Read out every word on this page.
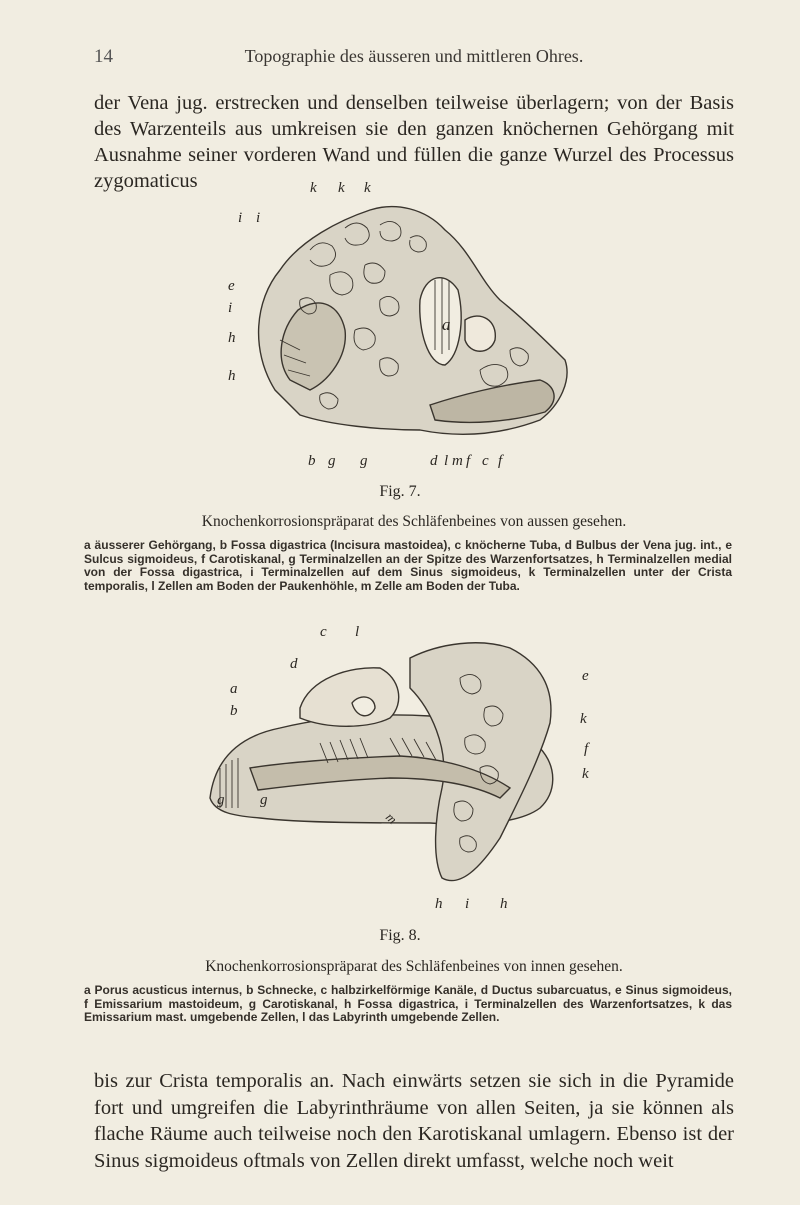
14	Topographie des äusseren und mittleren Ohres.

der Vena jug. erstrecken und denselben teilweise überlagern; von der Basis des Warzenteils aus umkreisen sie den ganzen knöchernen Gehörgang mit Ausnahme seiner vorderen Wand und füllen die ganze Wurzel des Processus zygomaticus	k k k
i i
e
i
h
h
a
b g g	d l m f c f
Fig. 7.
Knochenkorrosionspräparat des Schläfenbeines von aussen gesehen.
a äusserer Gehörgang, b Fossa digastrica (Incisura mastoidea), c knöcherne Tuba, d Bulbus der Vena jug. int., e Sulcus sigmoideus, f Carotiskanal, g Terminalzellen an der Spitze des Warzenfortsatzes, h Terminalzellen medial von der Fossa digastrica, i Terminalzellen auf dem Sinus sigmoideus, k Terminalzellen unter der Crista temporalis, l Zellen am Boden der Paukenhöhle, m Zelle am Boden der Tuba.
c l
d
a
b
e
k
f
k
g g
h i h
m
Fig. 8.
Knochenkorrosionspräparat des Schläfenbeines von innen gesehen.
a Porus acusticus internus, b Schnecke, c halbzirkelförmige Kanäle, d Ductus subarcuatus, e Sinus sigmoideus, f Emissarium mastoideum, g Carotiskanal, h Fossa digastrica, i Terminalzellen des Warzenfortsatzes, k das Emissarium mast. umgebende Zellen, l das Labyrinth umgebende Zellen.

bis zur Crista temporalis an. Nach einwärts setzen sie sich in die Pyramide fort und umgreifen die Labyrinthräume von allen Seiten, ja sie können als flache Räume auch teilweise noch den Karotiskanal umlagern. Ebenso ist der Sinus sigmoideus oftmals von Zellen direkt umfasst, welche noch weit
